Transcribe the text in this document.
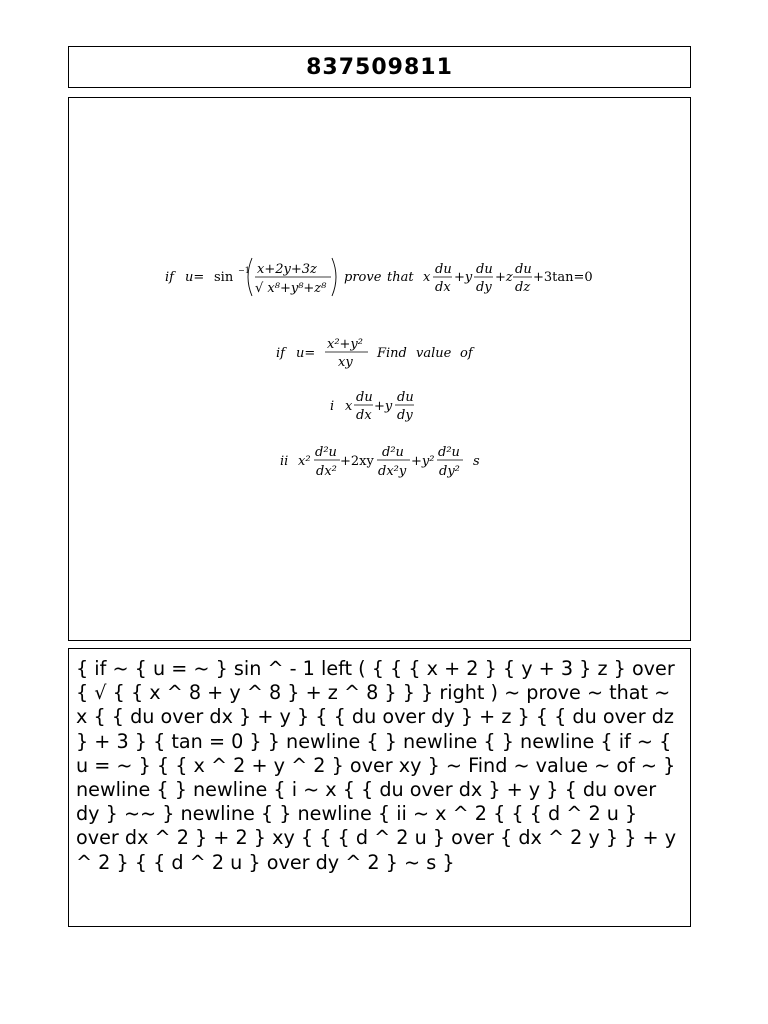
837509811
if u= sin −1 x+2y+3z
√ x⁸+y⁸+z⁸
prove that x
du
dx
+y
du
dy
+z
du
dz
+3tan=0
if u=
x²+y²
xy
Find value of
i x
du
dx
+y
du
dy
ii x²
d²u
dx²
+2xy
d²u
dx²y
+y²
d²u
dy²
s
{ if ~ { u = ~ } sin ^ - 1 left ( { { { x + 2 } { y + 3 } z } over { √ { { x ^ 8 + y ^ 8 } + z ^ 8 } } } right ) ~ prove ~ that ~ x { { du over dx } + y } { { du over dy } + z } { { du over dz } + 3 } { tan = 0 } } newline { } newline { } newline { if ~ { u = ~ } { { x ^ 2 + y ^ 2 } over xy } ~ Find ~ value ~ of ~ } newline { } newline { i ~ x { { du over dx } + y } { du over dy } ~~ } newline { } newline { ii ~ x ^ 2 { { { d ^ 2 u } over dx ^ 2 } + 2 } xy { { { d ^ 2 u } over { dx ^ 2 y } } + y ^ 2 } { { d ^ 2 u } over dy ^ 2 } ~ s }
